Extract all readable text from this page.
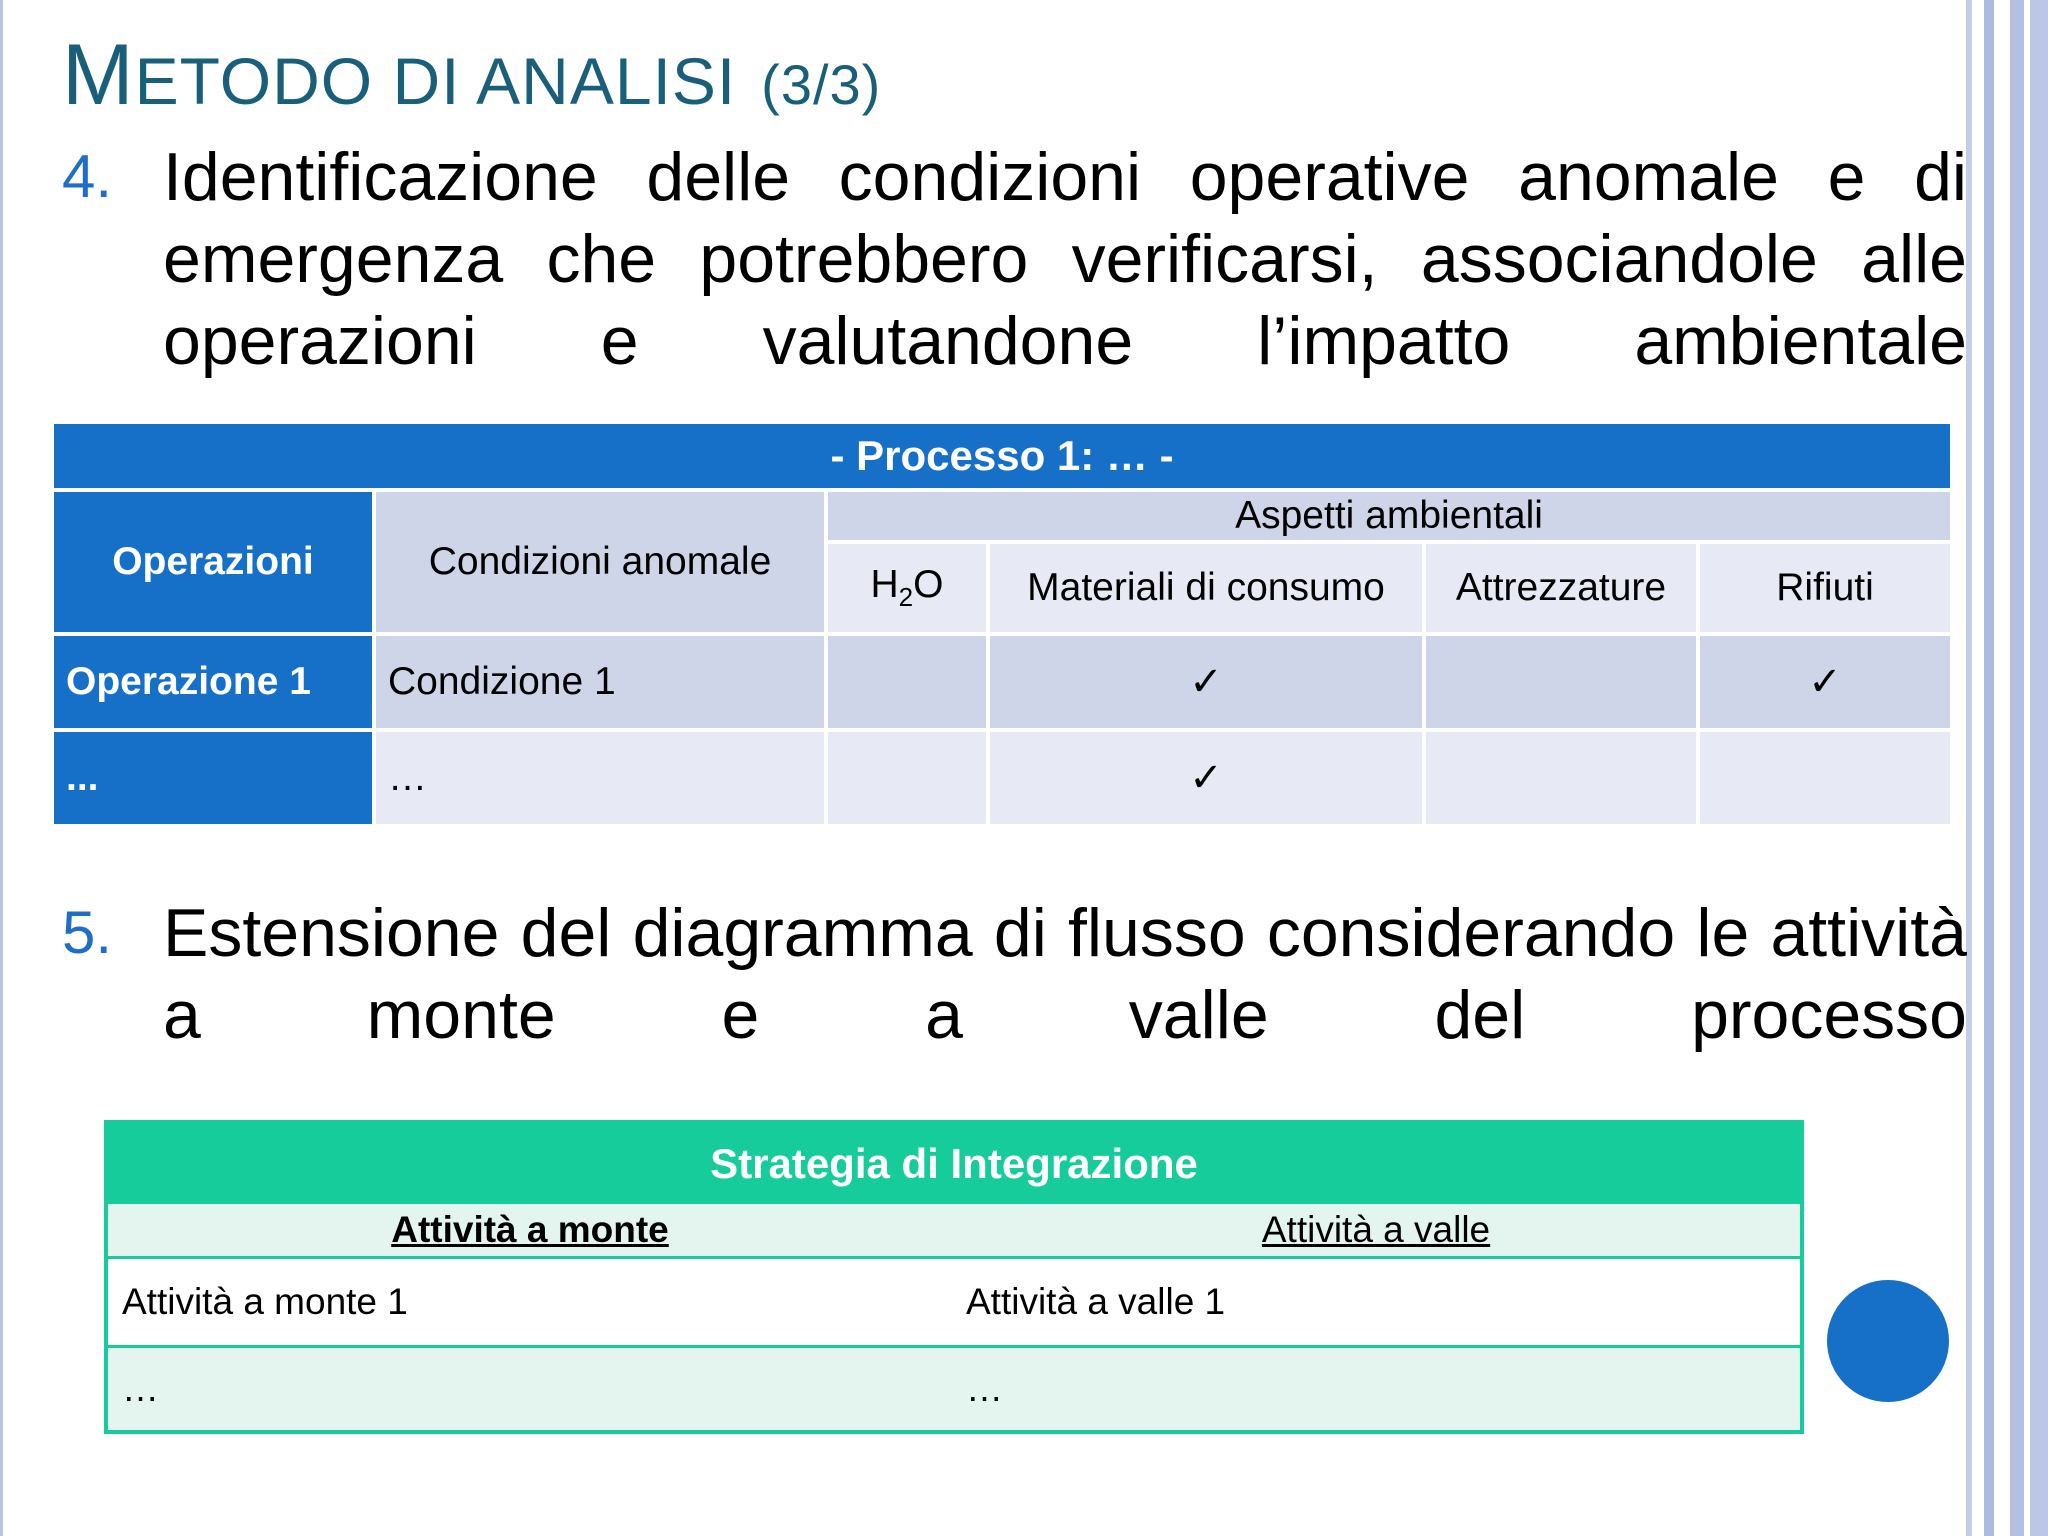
METODO DI ANALISI (3/3)
4. Identificazione delle condizioni operative anomale e di emergenza che potrebbero verificarsi, associandole alle operazioni e valutandone l’impatto ambientale
- Processo 1: … -					
Operazioni	Condizioni anomale	Aspetti ambientali			
		$H_2O$	Materiali di consumo	Attrezzature	Rifiuti
Operazione 1	Condizione 1		✓		✓
...	…		✓		
5. Estensione del diagramma di flusso considerando le attività a monte e a valle del processo
Strategia di Integrazione	
Attività a monte	Attività a valle
Attività a monte 1	Attività a valle 1
…	…
